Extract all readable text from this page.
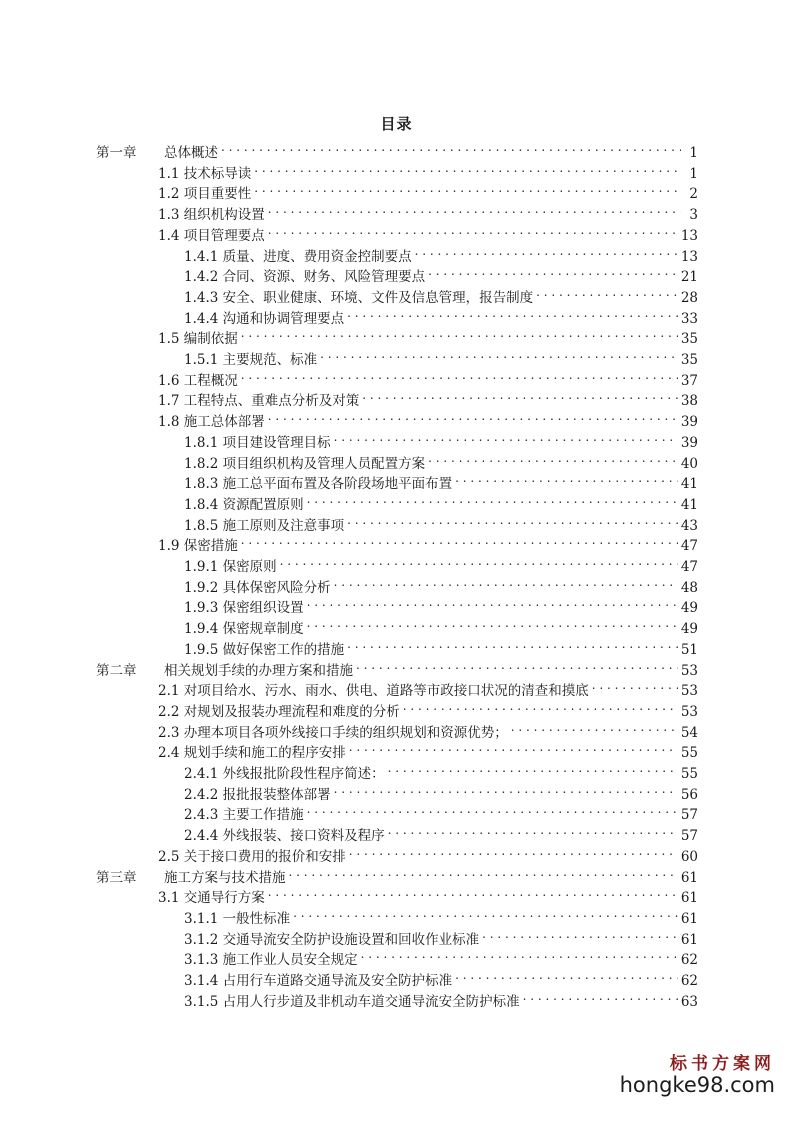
目录
第一章	总体概述 . . .	1
1.1 技术标导读 . . .	1
1.2 项目重要性 . . .	2
1.3 组织机构设置 . . .	3
1.4 项目管理要点 . . .	13
1.4.1 质量、进度、费用资金控制要点 . . .	13
1.4.2 合同、资源、财务、风险管理要点 . . .	21
1.4.3 安全、职业健康、环境、文件及信息管理，报告制度 . . .	28
1.4.4 沟通和协调管理要点 . . .	33
1.5 编制依据 . . .	35
1.5.1 主要规范、标准 . . .	35
1.6 工程概况 . . .	37
1.7 工程特点、重难点分析及对策 . . .	38
1.8 施工总体部署 . . .	39
1.8.1 项目建设管理目标 . . .	39
1.8.2 项目组织机构及管理人员配置方案 . . .	40
1.8.3 施工总平面布置及各阶段场地平面布置 . . .	41
1.8.4 资源配置原则 . . .	41
1.8.5 施工原则及注意事项 . . .	43
1.9 保密措施 . . .	47
1.9.1 保密原则 . . .	47
1.9.2 具体保密风险分析 . . .	48
1.9.3 保密组织设置 . . .	49
1.9.4 保密规章制度 . . .	49
1.9.5 做好保密工作的措施 . . .	51
第二章	相关规划手续的办理方案和措施 . . .	53
2.1 对项目给水、污水、雨水、供电、道路等市政接口状况的清查和摸底 . . .	53
2.2 对规划及报装办理流程和难度的分析 . . .	53
2.3 办理本项目各项外线接口手续的组织规划和资源优势； . . .	54
2.4 规划手续和施工的程序安排 . . .	55
2.4.1 外线报批阶段性程序简述： . . .	55
2.4.2 报批报装整体部署 . . .	56
2.4.3 主要工作措施 . . .	57
2.4.4 外线报装、接口资料及程序 . . .	57
2.5 关于接口费用的报价和安排 . . .	60
第三章	施工方案与技术措施 . . .	61
3.1 交通导行方案 . . .	61
3.1.1 一般性标准 . . .	61
3.1.2 交通导流安全防护设施设置和回收作业标准 . . .	61
3.1.3 施工作业人员安全规定 . . .	62
3.1.4 占用行车道路交通导流及安全防护标准 . . .	62
3.1.5 占用人行步道及非机动车道交通导流安全防护标准 . . .	63
标书方案网
hongke98.com
